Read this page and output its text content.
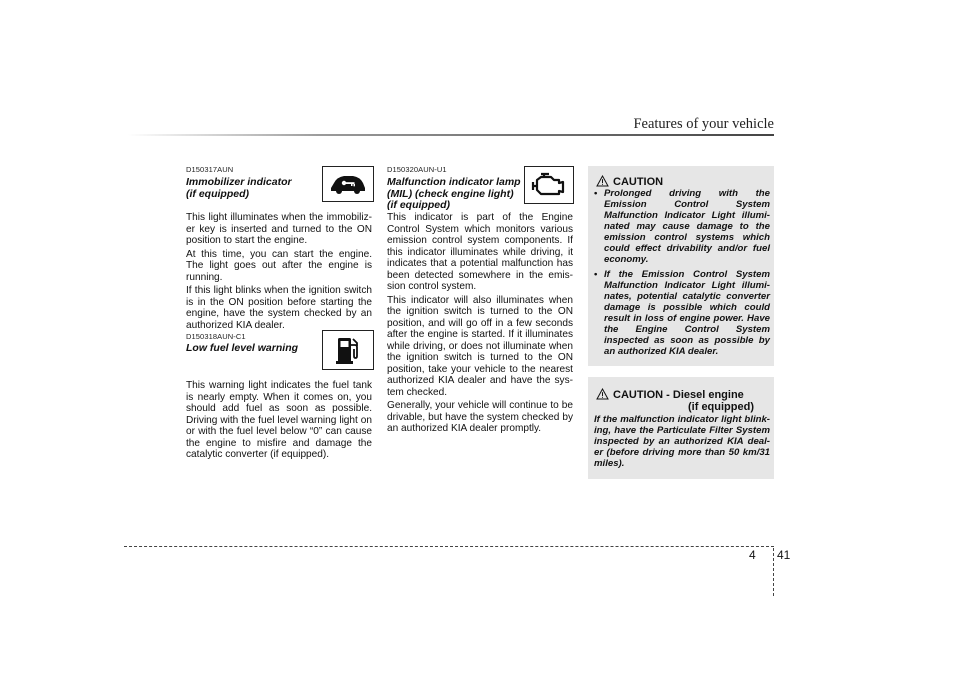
Features of your vehicle
D150317AUN
Immobilizer indicator
(if equipped)

This light illuminates when the immobiliz-er key is inserted and turned to the ON position to start the engine.

At this time, you can start the engine. The light goes out after the engine is running.

If this light blinks when the ignition switch is in the ON position before starting the engine, have the system checked by an authorized KIA dealer.

D150318AUN-C1
Low fuel level warning

This warning light indicates the fuel tank is nearly empty. When it comes on, you should add fuel as soon as possible. Driving with the fuel level warning light on or with the fuel level below “0” can cause the engine to misfire and damage the catalytic converter (if equipped).

D150320AUN-U1
Malfunction indicator lamp
(MIL) (check engine light)
(if equipped)

This indicator is part of the Engine Control System which monitors various emission control system components. If this indicator illuminates while driving, it indicates that a potential malfunction has been detected somewhere in the emis-sion control system.

This indicator will also illuminates when the ignition switch is turned to the ON position, and will go off in a few seconds after the engine is started. If it illuminates while driving, or does not illuminate when the ignition switch is turned to the ON position, take your vehicle to the nearest authorized KIA dealer and have the sys-tem checked.

Generally, your vehicle will continue to be drivable, but have the system checked by an authorized KIA dealer promptly.

CAUTION
• Prolonged driving with the Emission Control System Malfunction Indicator Light illumi-nated may cause damage to the emission control systems which could effect drivability and/or fuel economy.
• If the Emission Control System Malfunction Indicator Light illumi-nates, potential catalytic converter damage is possible which could result in loss of engine power. Have the Engine Control System inspected as soon as possible by an authorized KIA dealer.
CAUTION - Diesel engine
(if equipped)
If the malfunction indicator light blink-ing, have the Particulate Filter System inspected by an authorized KIA deal-er (before driving more than 50 km/31 miles).
4 41
